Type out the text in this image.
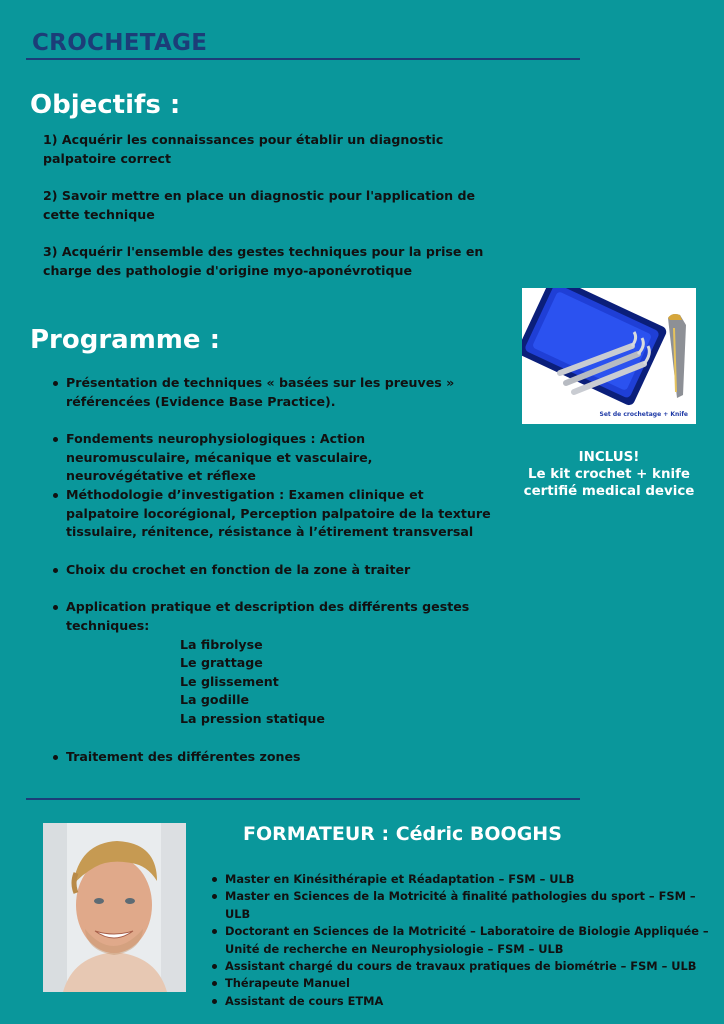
CROCHETAGE
Objectifs :
1) Acquérir les connaissances pour établir un diagnostic palpatoire correct
2) Savoir mettre en place un diagnostic pour l'application de cette technique
3) Acquérir l'ensemble des gestes techniques pour la prise en charge des pathologie d'origine myo-aponévrotique
Programme :
Présentation de techniques « basées sur les preuves » référencées (Evidence Base Practice).
Fondements neurophysiologiques : Action neuromusculaire, mécanique et vasculaire, neurovégétative et réflexe
Méthodologie d’investigation : Examen clinique et palpatoire locorégional, Perception palpatoire de la texture tissulaire, rénitence, résistance à l’étirement transversal
Choix du crochet en fonction de la zone à traiter
Application pratique et description des différents gestes techniques:
La fibrolyse
Le grattage
Le glissement
La godille
La pression statique
Traitement des différentes zones
Set de crochetage + Knife
INCLUS!
Le kit crochet + knife
certifié medical device
FORMATEUR : Cédric BOOGHS
Master en Kinésithérapie et Réadaptation – FSM – ULB
Master en Sciences de la Motricité à finalité pathologies du sport – FSM – ULB
Doctorant en Sciences de la Motricité – Laboratoire de Biologie Appliquée – Unité de recherche en Neurophysiologie – FSM – ULB
Assistant chargé du cours de travaux pratiques de biométrie – FSM – ULB
Thérapeute Manuel
Assistant de cours ETMA
